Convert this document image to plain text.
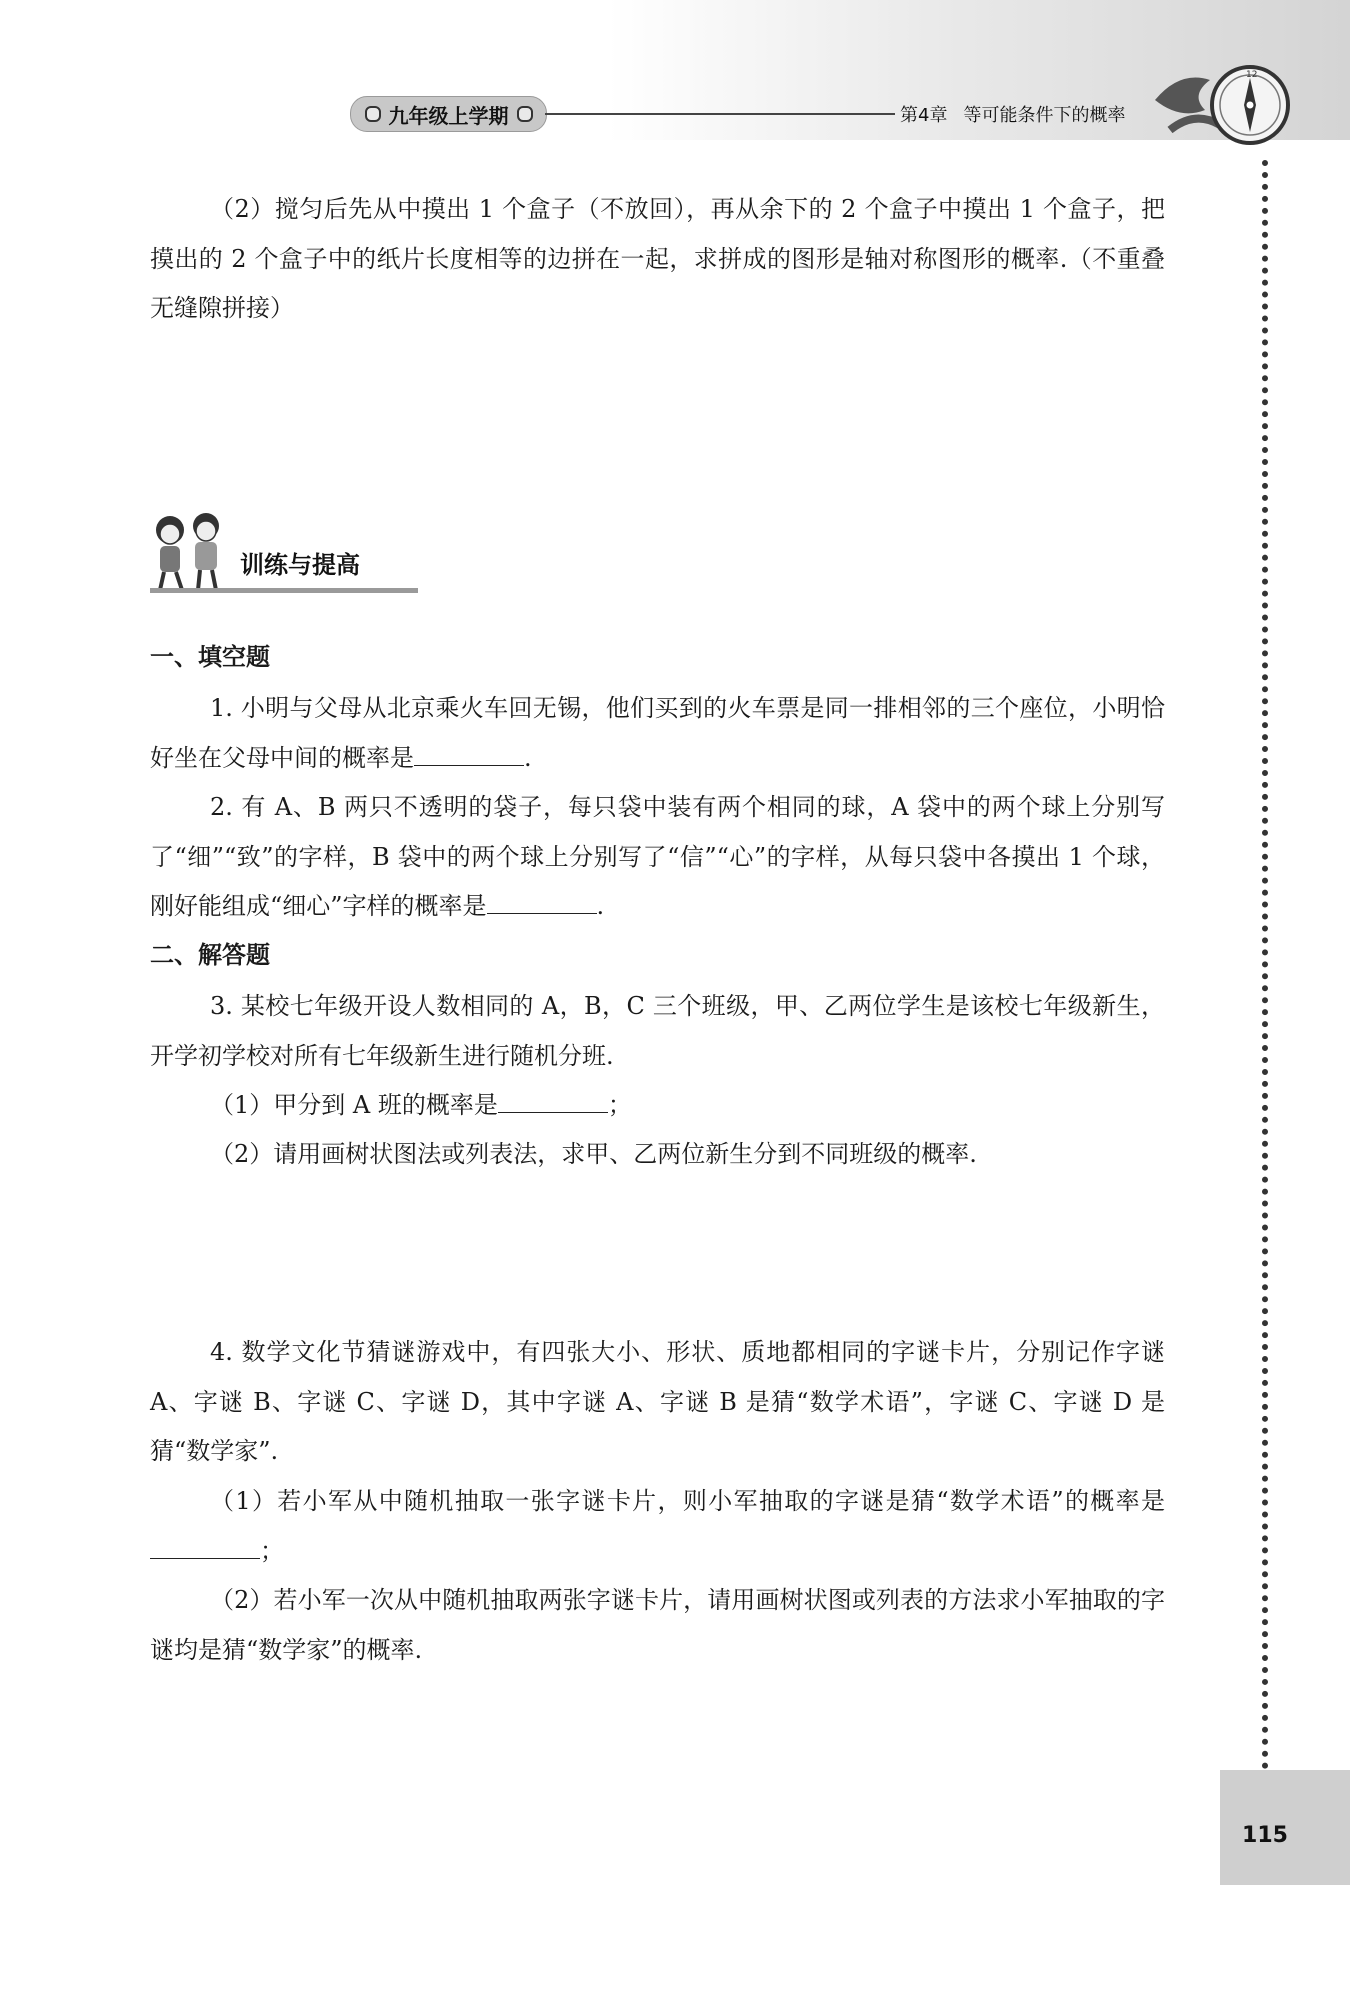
九年级上学期	第4章 等可能条件下的概率
12
115
（2）搅匀后先从中摸出 1 个盒子（不放回），再从余下的 2 个盒子中摸出 1 个盒子，把摸出的 2 个盒子中的纸片长度相等的边拼在一起，求拼成的图形是轴对称图形的概率.（不重叠无缝隙拼接）
训练与提高
一、填空题
1. 小明与父母从北京乘火车回无锡，他们买到的火车票是同一排相邻的三个座位，小明恰好坐在父母中间的概率是	.
2. 有 A、B 两只不透明的袋子，每只袋中装有两个相同的球，A 袋中的两个球上分别写了“细”“致”的字样，B 袋中的两个球上分别写了“信”“心”的字样，从每只袋中各摸出 1 个球，刚好能组成“细心”字样的概率是	.
二、解答题
3. 某校七年级开设人数相同的 A，B，C 三个班级，甲、乙两位学生是该校七年级新生，开学初学校对所有七年级新生进行随机分班.
（1）甲分到 A 班的概率是	；
（2）请用画树状图法或列表法，求甲、乙两位新生分到不同班级的概率.
4. 数学文化节猜谜游戏中，有四张大小、形状、质地都相同的字谜卡片，分别记作字谜 A、字谜 B、字谜 C、字谜 D，其中字谜 A、字谜 B 是猜“数学术语”，字谜 C、字谜 D 是猜“数学家”.
（1）若小军从中随机抽取一张字谜卡片，则小军抽取的字谜是猜“数学术语”的概率是；
（2）若小军一次从中随机抽取两张字谜卡片，请用画树状图或列表的方法求小军抽取的字谜均是猜“数学家”的概率.
